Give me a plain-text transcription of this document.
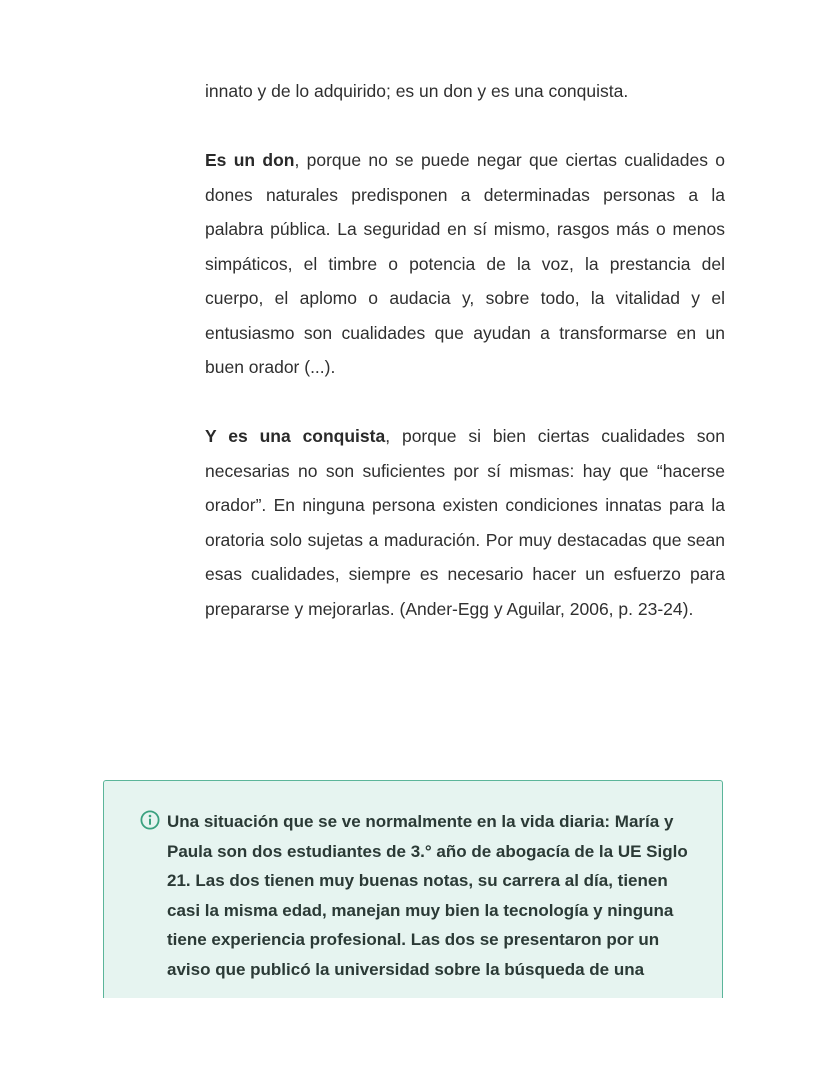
innato y de lo adquirido; es un don y es una conquista.

Es un don, porque no se puede negar que ciertas cualidades o dones naturales predisponen a determinadas personas a la palabra pública. La seguridad en sí mismo, rasgos más o menos simpáticos, el timbre o potencia de la voz, la prestancia del cuerpo, el aplomo o audacia y, sobre todo, la vitalidad y el entusiasmo son cualidades que ayudan a transformarse en un buen orador (...).

Y es una conquista, porque si bien ciertas cualidades son necesarias no son suficientes por sí mismas: hay que “hacerse orador”. En ninguna persona existen condiciones innatas para la oratoria solo sujetas a maduración. Por muy destacadas que sean esas cualidades, siempre es necesario hacer un esfuerzo para prepararse y mejorarlas. (Ander-Egg y Aguilar, 2006, p. 23-24).

Una situación que se ve normalmente en la vida diaria: María y Paula son dos estudiantes de 3.° año de abogacía de la UE Siglo 21. Las dos tienen muy buenas notas, su carrera al día, tienen casi la misma edad, manejan muy bien la tecnología y ninguna tiene experiencia profesional. Las dos se presentaron por un aviso que publicó la universidad sobre la búsqueda de una
